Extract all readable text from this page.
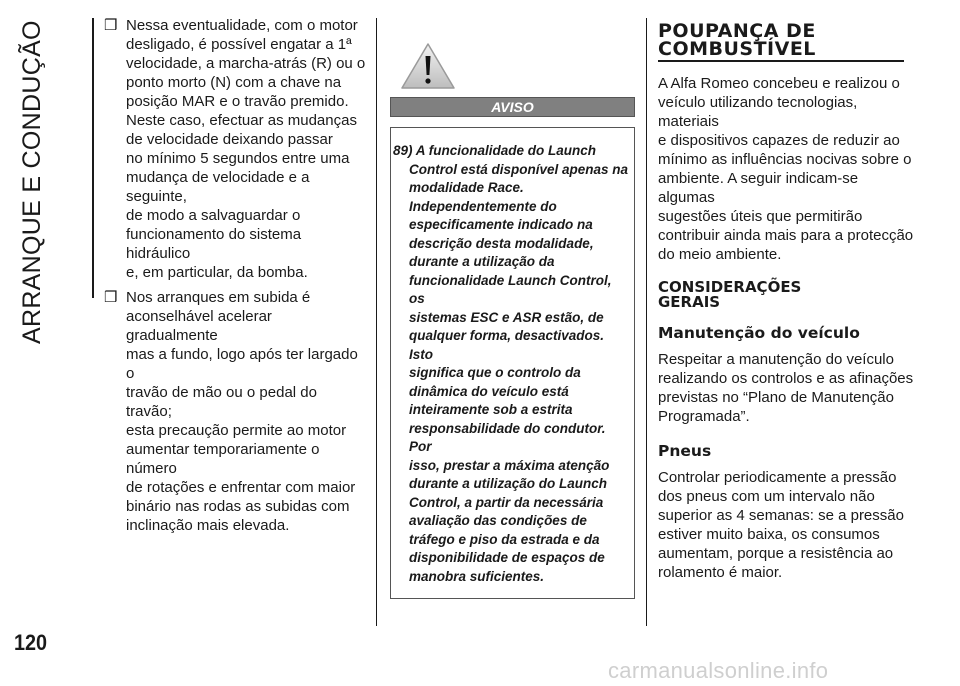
ARRANQUE E CONDUÇÃO
120
❒ Nessa eventualidade, com o motor
desligado, é possível engatar a 1ª
velocidade, a marcha-atrás (R) ou o
ponto morto (N) com a chave na
posição MAR e o travão premido.
Neste caso, efectuar as mudanças
de velocidade deixando passar
no mínimo 5 segundos entre uma
mudança de velocidade e a seguinte,
de modo a salvaguardar o
funcionamento do sistema hidráulico
e, em particular, da bomba.
❒ Nos arranques em subida é
aconselhável acelerar gradualmente
mas a fundo, logo após ter largado o
travão de mão ou o pedal do travão;
esta precaução permite ao motor
aumentar temporariamente o número
de rotações e enfrentar com maior
binário nas rodas as subidas com
inclinação mais elevada.
AVISO
89) A funcionalidade do Launch
Control está disponível apenas na
modalidade Race.
Independentemente do
especificamente indicado na
descrição desta modalidade,
durante a utilização da
funcionalidade Launch Control, os
sistemas ESC e ASR estão, de
qualquer forma, desactivados. Isto
significa que o controlo da
dinâmica do veículo está
inteiramente sob a estrita
responsabilidade do condutor. Por
isso, prestar a máxima atenção
durante a utilização do Launch
Control, a partir da necessária
avaliação das condições de
tráfego e piso da estrada e da
disponibilidade de espaços de
manobra suficientes.
POUPANÇA DE
COMBUSTÍVEL
A Alfa Romeo concebeu e realizou o
veículo utilizando tecnologias, materiais
e dispositivos capazes de reduzir ao
mínimo as influências nocivas sobre o
ambiente. A seguir indicam-se algumas
sugestões úteis que permitirão
contribuir ainda mais para a protecção
do meio ambiente.
CONSIDERAÇÕES
GERAIS
Manutenção do veículo
Respeitar a manutenção do veículo
realizando os controlos e as afinações
previstas no “Plano de Manutenção
Programada”.
Pneus
Controlar periodicamente a pressão
dos pneus com um intervalo não
superior as 4 semanas: se a pressão
estiver muito baixa, os consumos
aumentam, porque a resistência ao
rolamento é maior.
carmanualsonline.info
